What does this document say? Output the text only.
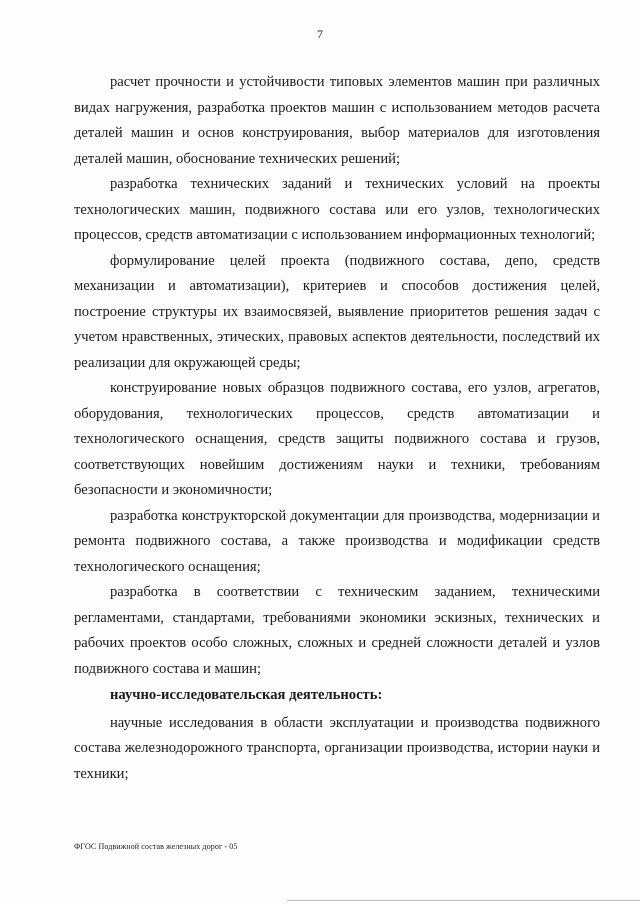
7

расчет прочности и устойчивости типовых элементов машин при различных видах нагружения, разработка проектов машин с использованием методов расчета деталей машин и основ конструирования, выбор материалов для изготовления деталей машин, обоснование технических решений;

разработка технических заданий и технических условий на проекты технологических машин, подвижного состава или его узлов, технологических процессов, средств автоматизации с использованием информационных технологий;

формулирование целей проекта (подвижного состава, депо, средств механизации и автоматизации), критериев и способов достижения целей, построение структуры их взаимосвязей, выявление приоритетов решения задач с учетом нравственных, этических, правовых аспектов деятельности, последствий их реализации для окружающей среды;

конструирование новых образцов подвижного состава, его узлов, агрегатов, оборудования, технологических процессов, средств автоматизации и технологического оснащения, средств защиты подвижного состава и грузов, соответствующих новейшим достижениям науки и техники, требованиям безопасности и экономичности;

разработка конструкторской документации для производства, модернизации и ремонта подвижного состава, а также производства и модификации средств технологического оснащения;

разработка в соответствии с техническим заданием, техническими регламентами, стандартами, требованиями экономики эскизных, технических и рабочих проектов особо сложных, сложных и средней сложности деталей и узлов подвижного состава и машин;

научно-исследовательская деятельность:

научные исследования в области эксплуатации и производства подвижного состава железнодорожного транспорта, организации производства, истории науки и техники;

ФГОС Подвижной состав железных дорог - 05
